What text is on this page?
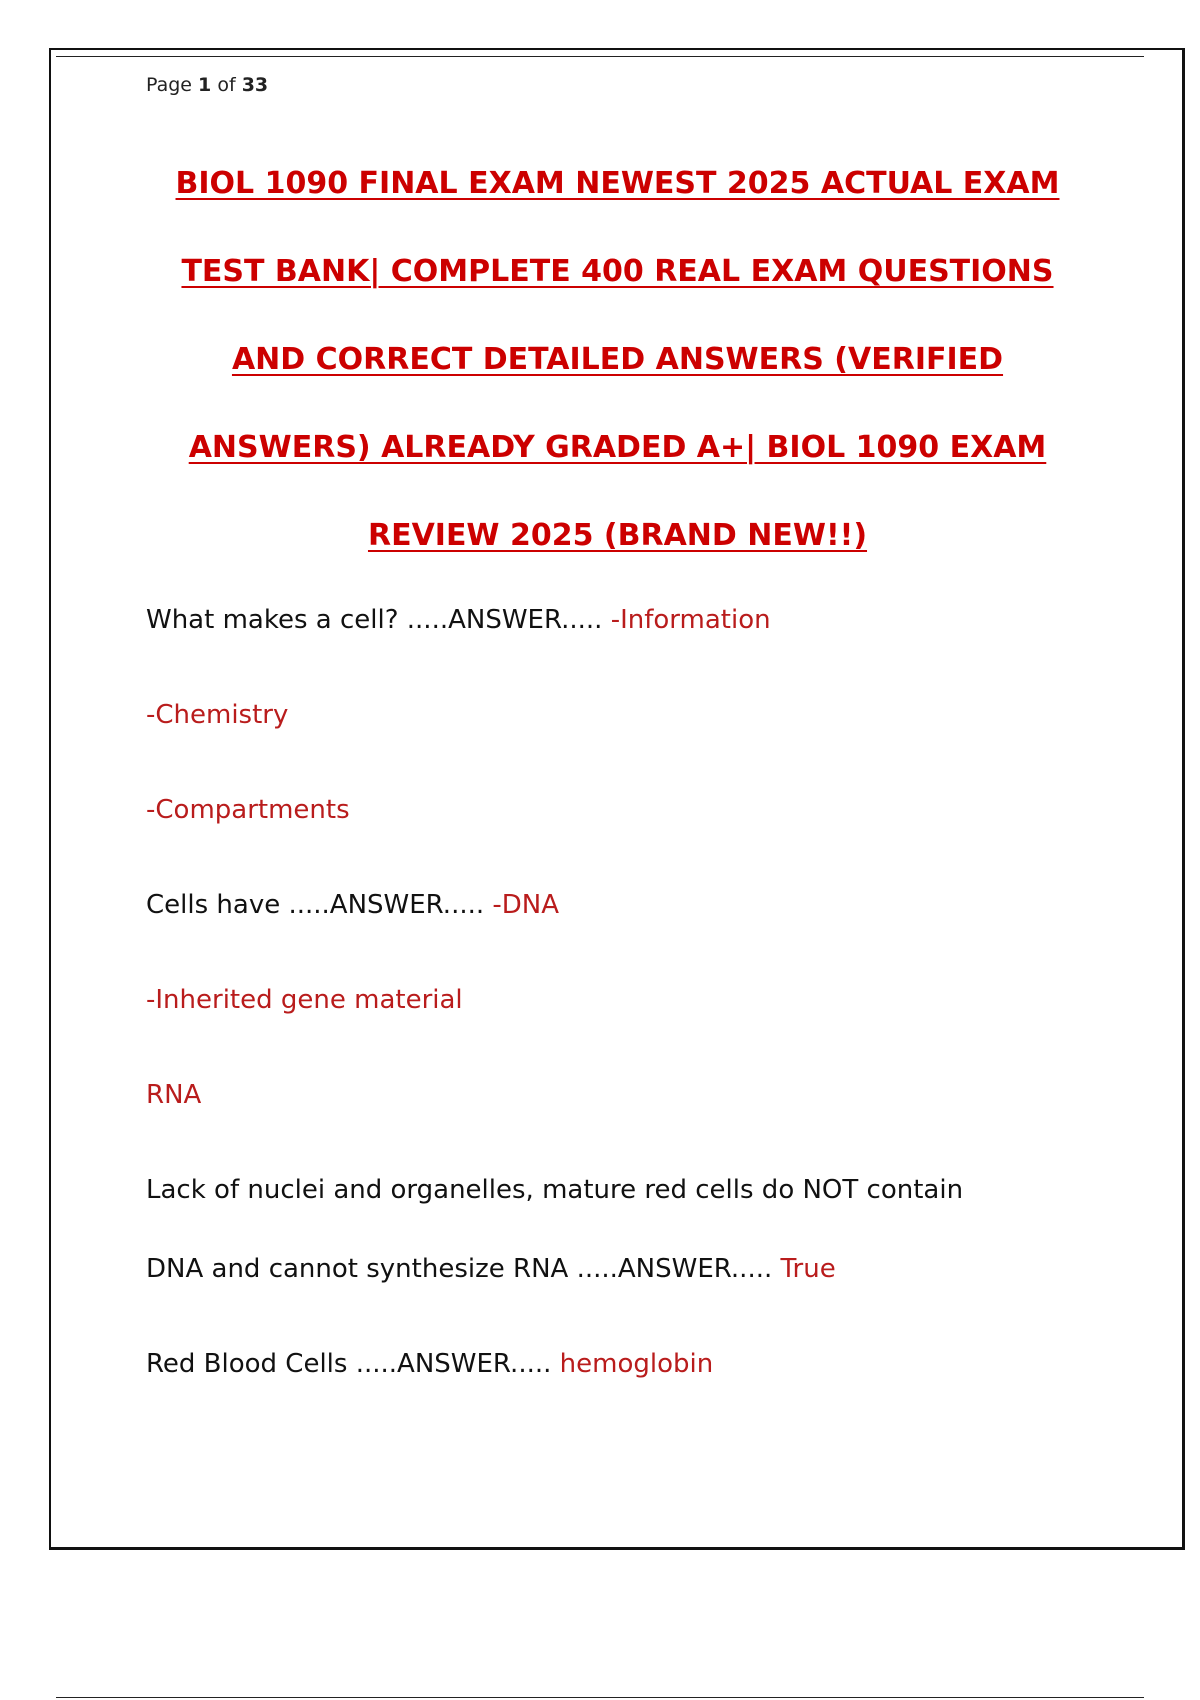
Page 1 of 33
BIOL 1090 FINAL EXAM NEWEST 2025 ACTUAL EXAM
TEST BANK| COMPLETE 400 REAL EXAM QUESTIONS
AND CORRECT DETAILED ANSWERS (VERIFIED
ANSWERS) ALREADY GRADED A+| BIOL 1090 EXAM
REVIEW 2025 (BRAND NEW!!)
What makes a cell? .....ANSWER..... -Information
-Chemistry
-Compartments
Cells have .....ANSWER..... -DNA
-Inherited gene material
RNA
Lack of nuclei and organelles, mature red cells do NOT contain
DNA and cannot synthesize RNA .....ANSWER..... True
Red Blood Cells .....ANSWER..... hemoglobin
